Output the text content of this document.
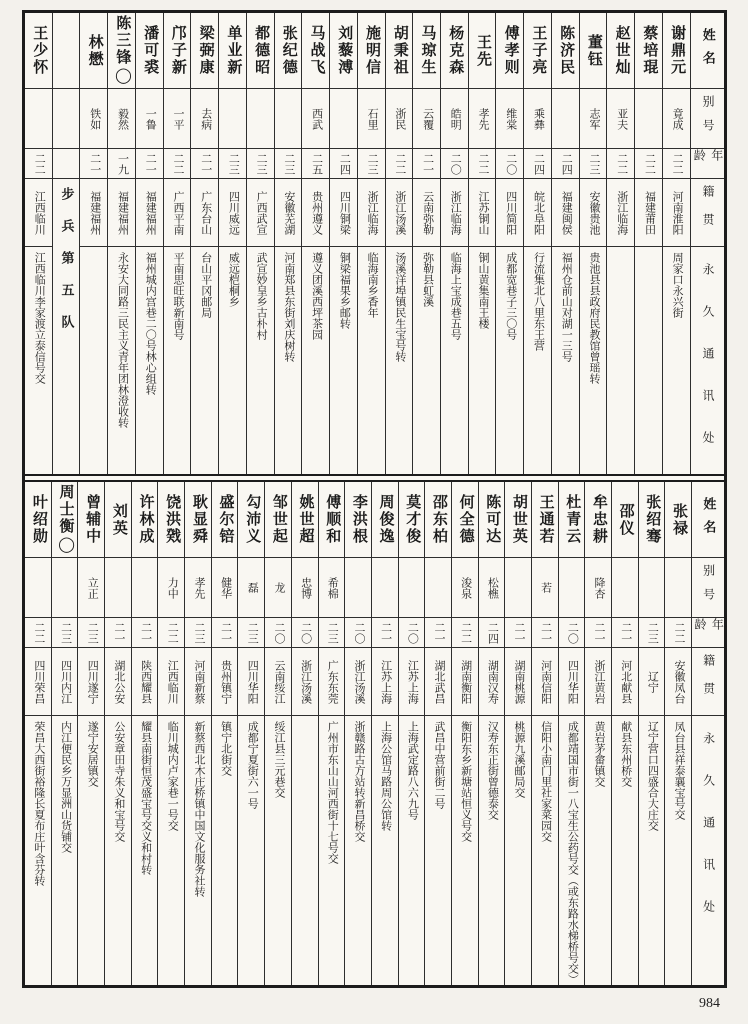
姓名
别号
年龄
籍贯
永久通讯处
谢鼎元
竟成
二二
河南淮阳
周家口永兴街
蔡培琨
二二
福建莆田
赵世灿
亚夫
二二
浙江临海
董钰
志军
二三
安徽贵池
贵池县县政府民教馆曾瑶转
陈济民
二四
福建闽侯
福州仓前山对湖一三号
王子亮
乘彝
二四
皖北阜阳
行流集北八里东王营
傅孝则
维棠
二〇
四川简阳
成都宽巷子三〇号
王先
孝先
二二
江苏铜山
铜山黄集南王楼
杨克森
皓明
二〇
浙江临海
临海上宝成巷五号
马琼生
云覆
二一
云南弥勒
弥勒县虹溪
胡秉祖
浙民
二二
浙江汤溪
汤溪洋埠镇民生宝号转
施明信
石里
二三
浙江临海
临海南乡香年
刘藜溥
二四
四川铜梁
铜梁福果乡邮转
马战飞
西武
二五
贵州遵义
遵义团溪西坪茶园
张纪德
二三
安徽芜湖
河南郑县东街刘庆树转
都德昭
二三
广西武宣
武宣妙皇乡古朴村
单业新
二三
四川威远
威远桤桐乡
梁弼康
去病
二一
广东台山
台山平冈邮局
邝子新
一平
二二
广西平南
平南思旺联新南号
潘可裘
一鲁
二一
福建福州
福州城内宫巷二〇号林心组转
陈三锋◯
毅然
一九
福建福州
永安大同路三民主义青年团林澄收转
林懋
铁如
二一
福建福州
步兵第五队
王少怀
二二
江西临川
江西临川李家渡立泰信号交
姓名
别号
年龄
籍贯
永久通讯处
张禄
二二
安徽凤台
凤台县祥泰襄宝号交
张绍骞
二三
辽宁
辽宁营口四盛合大庄交
邵仪
二一
河北献县
献县东州桥交
牟忠耕
降杏
二一
浙江黄岩
黄岩茅畲镇交
杜青云
二〇
四川华阳
成都靖国市街一八宝生公药号交（或东路水梯桥号交）
王通若
若
二一
河南信阳
信阳小南门里社家菜园交
胡世英
二一
湖南桃源
桃源九溪邮局交
陈可达
松樵
二四
湖南汉寿
汉寿东正街曾德泰交
何全德
浚泉
二二
湖南衡阳
衡阳东乡新塘站恒义号交
邵东柏
二一
湖北武昌
武昌中营前街二号
莫才俊
二〇
江苏上海
上海武定路八六九号
周俊逸
二一
江苏上海
上海公馆马路周公馆转
李洪根
二〇
浙江汤溪
浙赣路古方站转新昌桥交
傅顺和
希棉
二三
广东东莞
广州市东山山河西街十七号交
姚世超
忠博
二〇
浙江汤溪
邹世起
龙
二〇
云南绥江
绥江县三元巷交
勾沛义
磊
二三
四川华阳
成都宁夏街六一号
盛尔锫
健华
二一
贵州镇宁
镇宁北街交
耿显舜
孝先
二三
河南新蔡
新蔡西北木庄桥镇中国文化服务社转
饶洪戣
力中
二二
江西临川
临川城内卢家巷一号交
许林成
二一
陕西耀县
耀县南街恒茂盛宝号交义和村转
刘英
二一
湖北公安
公安章田寺朱义和宝号交
曾辅中
立正
二三
四川遂宁
遂宁安居镇交
周士衡◯
二三
四川内江
内江便民乡万显洲山货铺交
叶绍勋
二二
四川荣昌
荣昌大西街裕隆长夏布庄叶含芬转
984
